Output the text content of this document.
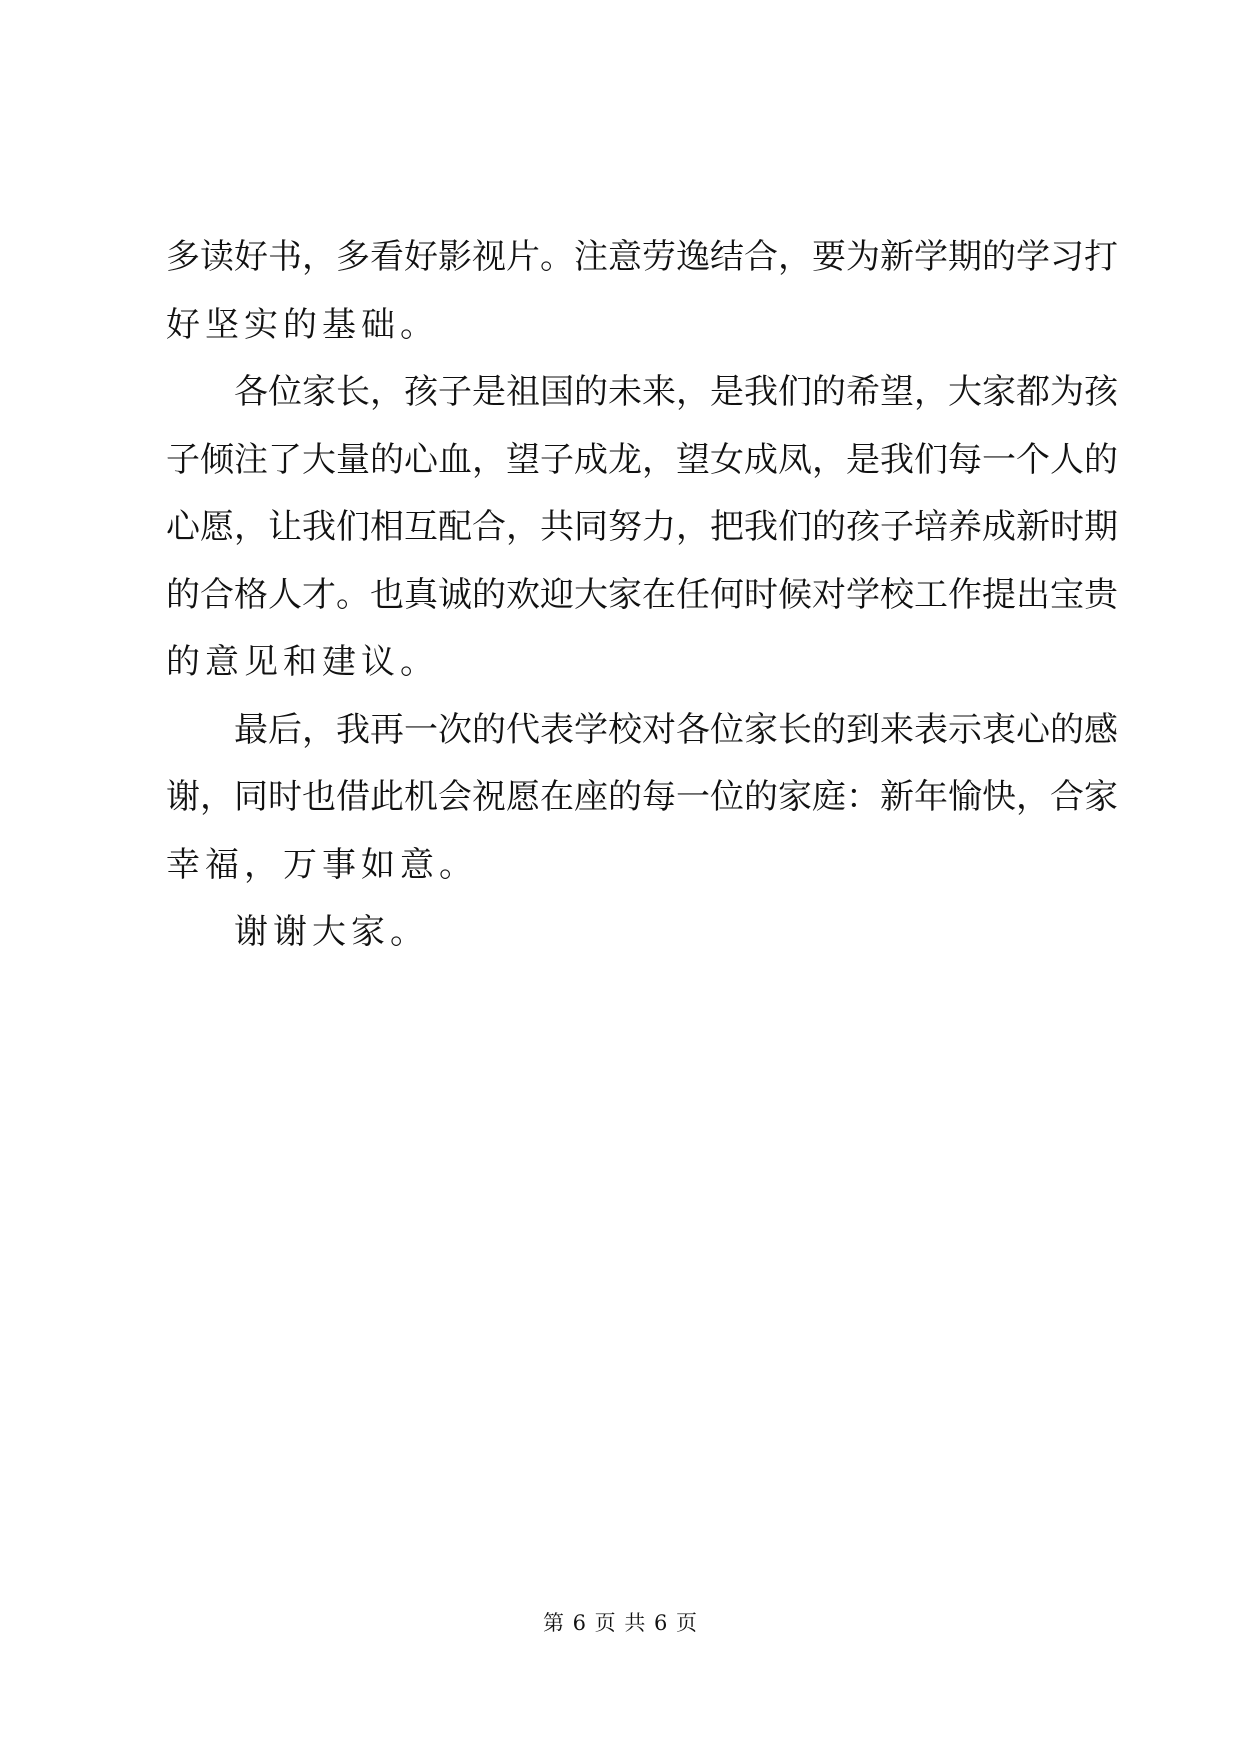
多读好书，多看好影视片。注意劳逸结合，要为新学期的学习打
好坚实的基础。
各位家长，孩子是祖国的未来，是我们的希望，大家都为孩
子倾注了大量的心血，望子成龙，望女成凤，是我们每一个人的
心愿，让我们相互配合，共同努力，把我们的孩子培养成新时期
的合格人才。也真诚的欢迎大家在任何时候对学校工作提出宝贵
的意见和建议。
最后，我再一次的代表学校对各位家长的到来表示衷心的感
谢，同时也借此机会祝愿在座的每一位的家庭：新年愉快，合家
幸福，万事如意。
谢谢大家。
第 6 页 共 6 页
